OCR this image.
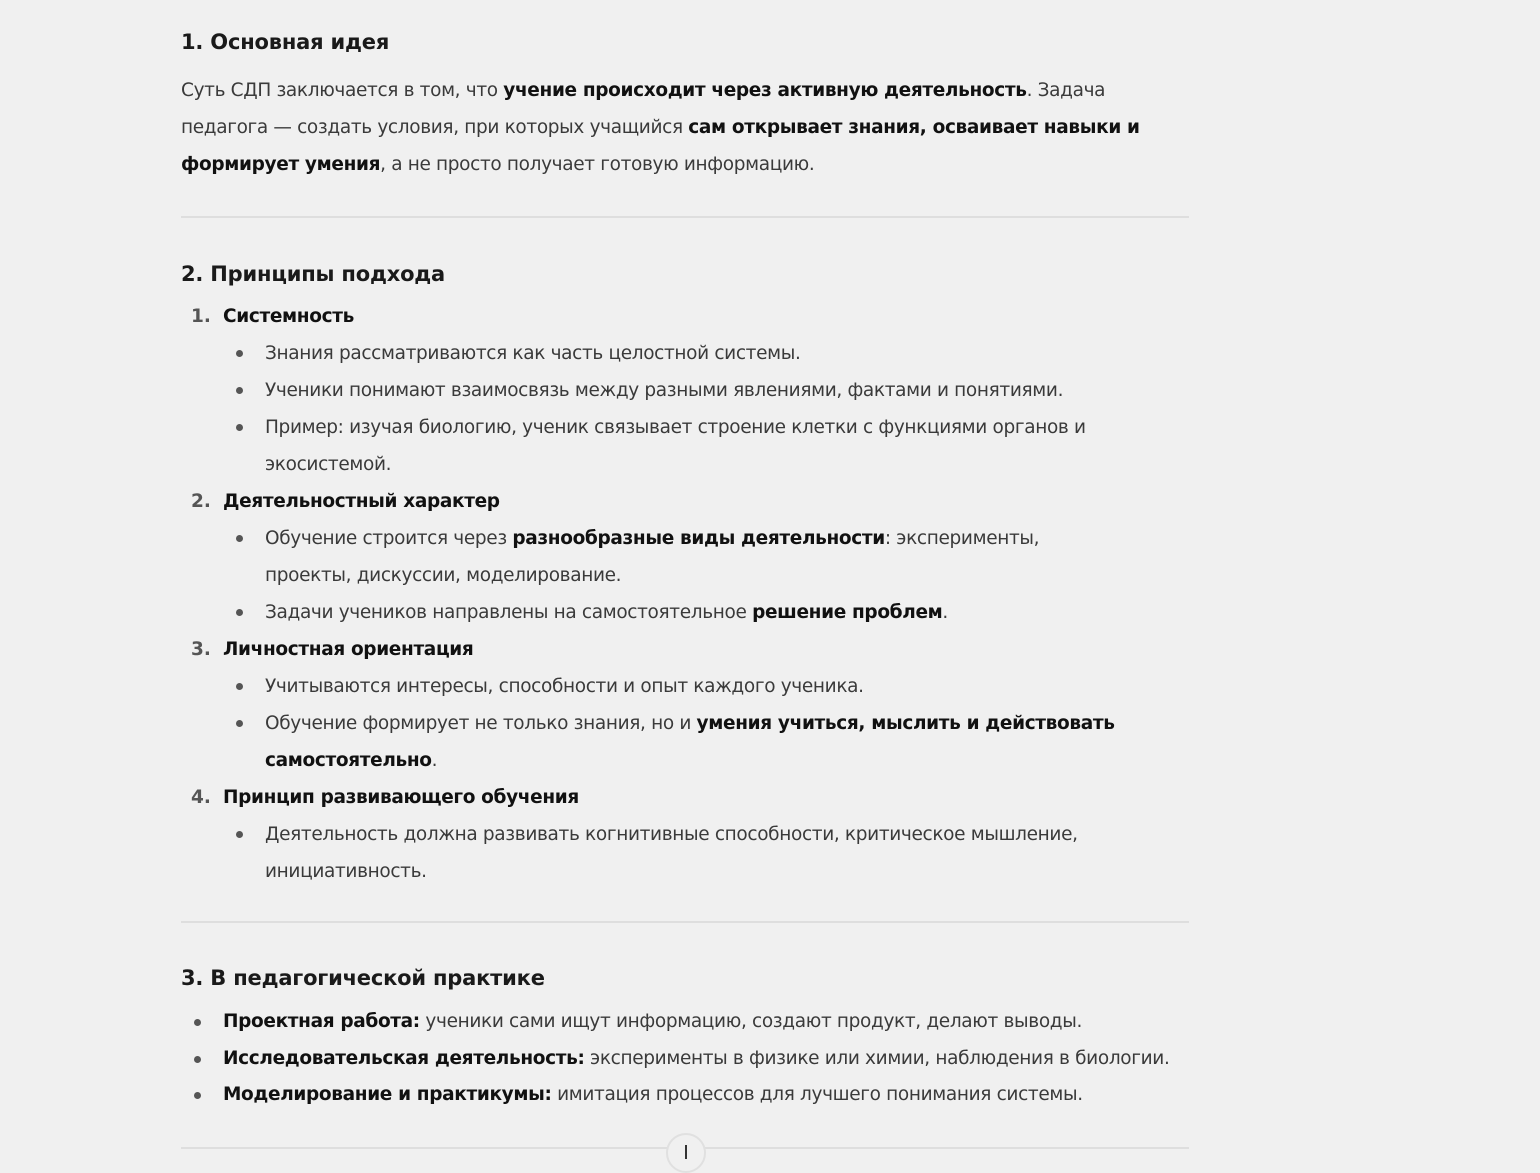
1. Основная идея
Суть СДП заключается в том, что учение происходит через активную деятельность. Задача педагога — создать условия, при которых учащийся сам открывает знания, осваивает навыки и формирует умения, а не просто получает готовую информацию.
2. Принципы подхода
1. Системность
Знания рассматриваются как часть целостной системы.
Ученики понимают взаимосвязь между разными явлениями, фактами и понятиями.
Пример: изучая биологию, ученик связывает строение клетки с функциями органов и экосистемой.
2. Деятельностный характер
Обучение строится через разнообразные виды деятельности: эксперименты, проекты, дискуссии, моделирование.
Задачи учеников направлены на самостоятельное решение проблем.
3. Личностная ориентация
Учитываются интересы, способности и опыт каждого ученика.
Обучение формирует не только знания, но и умения учиться, мыслить и действовать самостоятельно.
4. Принцип развивающего обучения
Деятельность должна развивать когнитивные способности, критическое мышление, инициативность.
3. В педагогической практике
Проектная работа: ученики сами ищут информацию, создают продукт, делают выводы.
Исследовательская деятельность: эксперименты в физике или химии, наблюдения в биологии.
Моделирование и практикумы: имитация процессов для лучшего понимания системы.
